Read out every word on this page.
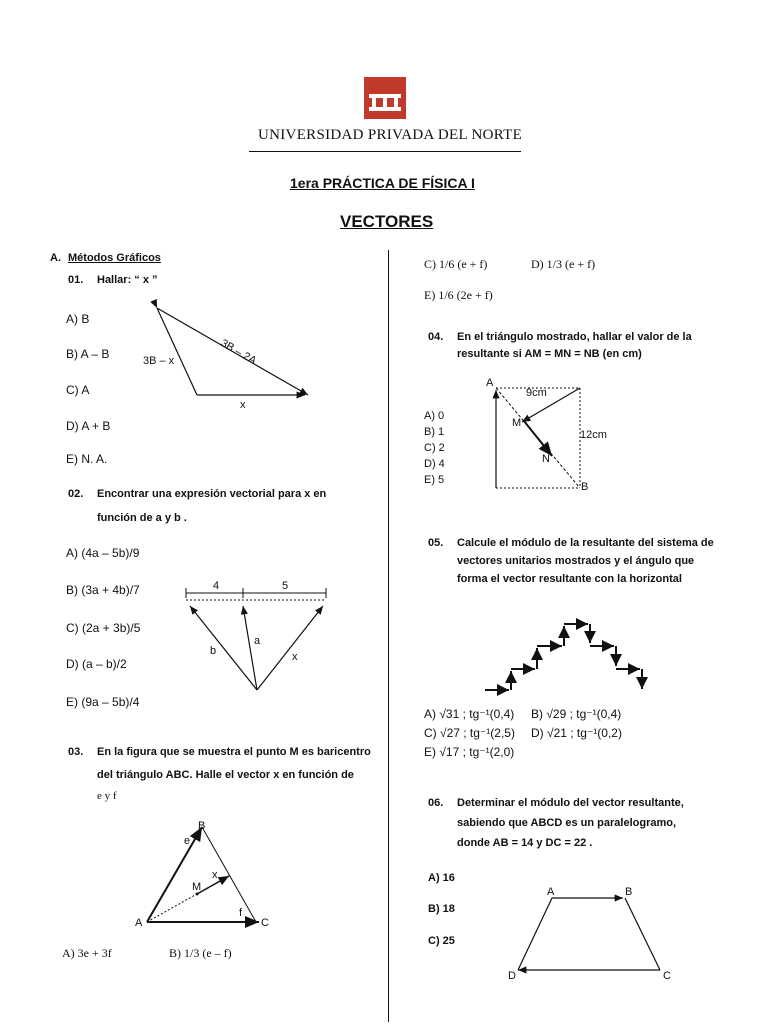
UNIVERSIDAD PRIVADA DEL NORTE
1era PRÁCTICA DE FÍSICA I
VECTORES
A. Métodos Gráficos
01. Hallar: “ x ”
A) B
B) A – B
C) A
D) A + B
E) N. A.
3B – 2A
3B – x
x
02. Encontrar una expresión vectorial para x en
función de a y b .
A) (4a – 5b)/9
B) (3a + 4b)/7
C) (2a + 3b)/5
D) (a – b)/2
E) (9a – 5b)/4
4	5
b
a
x
03. En la figura que se muestra el punto M es baricentro
del triángulo ABC. Halle el vector x en función de
e y f
A
B
C
M
e
x
f
A) 3e + 3f	B) 1/3 (e – f)
C) 1/6 (e + f)	D) 1/3 (e + f)
E) 1/6 (2e + f)
04. En el triángulo mostrado, hallar el valor de la
resultante si AM = MN = NB (en cm)
A) 0
B) 1
C) 2
D) 4
E) 5
A
B
M
N
9cm
12cm
05. Calcule el módulo de la resultante del sistema de
vectores unitarios mostrados y el ángulo que
forma el vector resultante con la horizontal
A) √31 ; tg⁻¹(0,4) B) √29 ; tg⁻¹(0,4)
C) √27 ; tg⁻¹(2,5) D) √21 ; tg⁻¹(0,2)
E) √17 ; tg⁻¹(2,0)
06. Determinar el módulo del vector resultante,
sabiendo que ABCD es un paralelogramo,
donde AB = 14 y DC = 22 .
A) 16
B) 18
C) 25
A	B
C
D
